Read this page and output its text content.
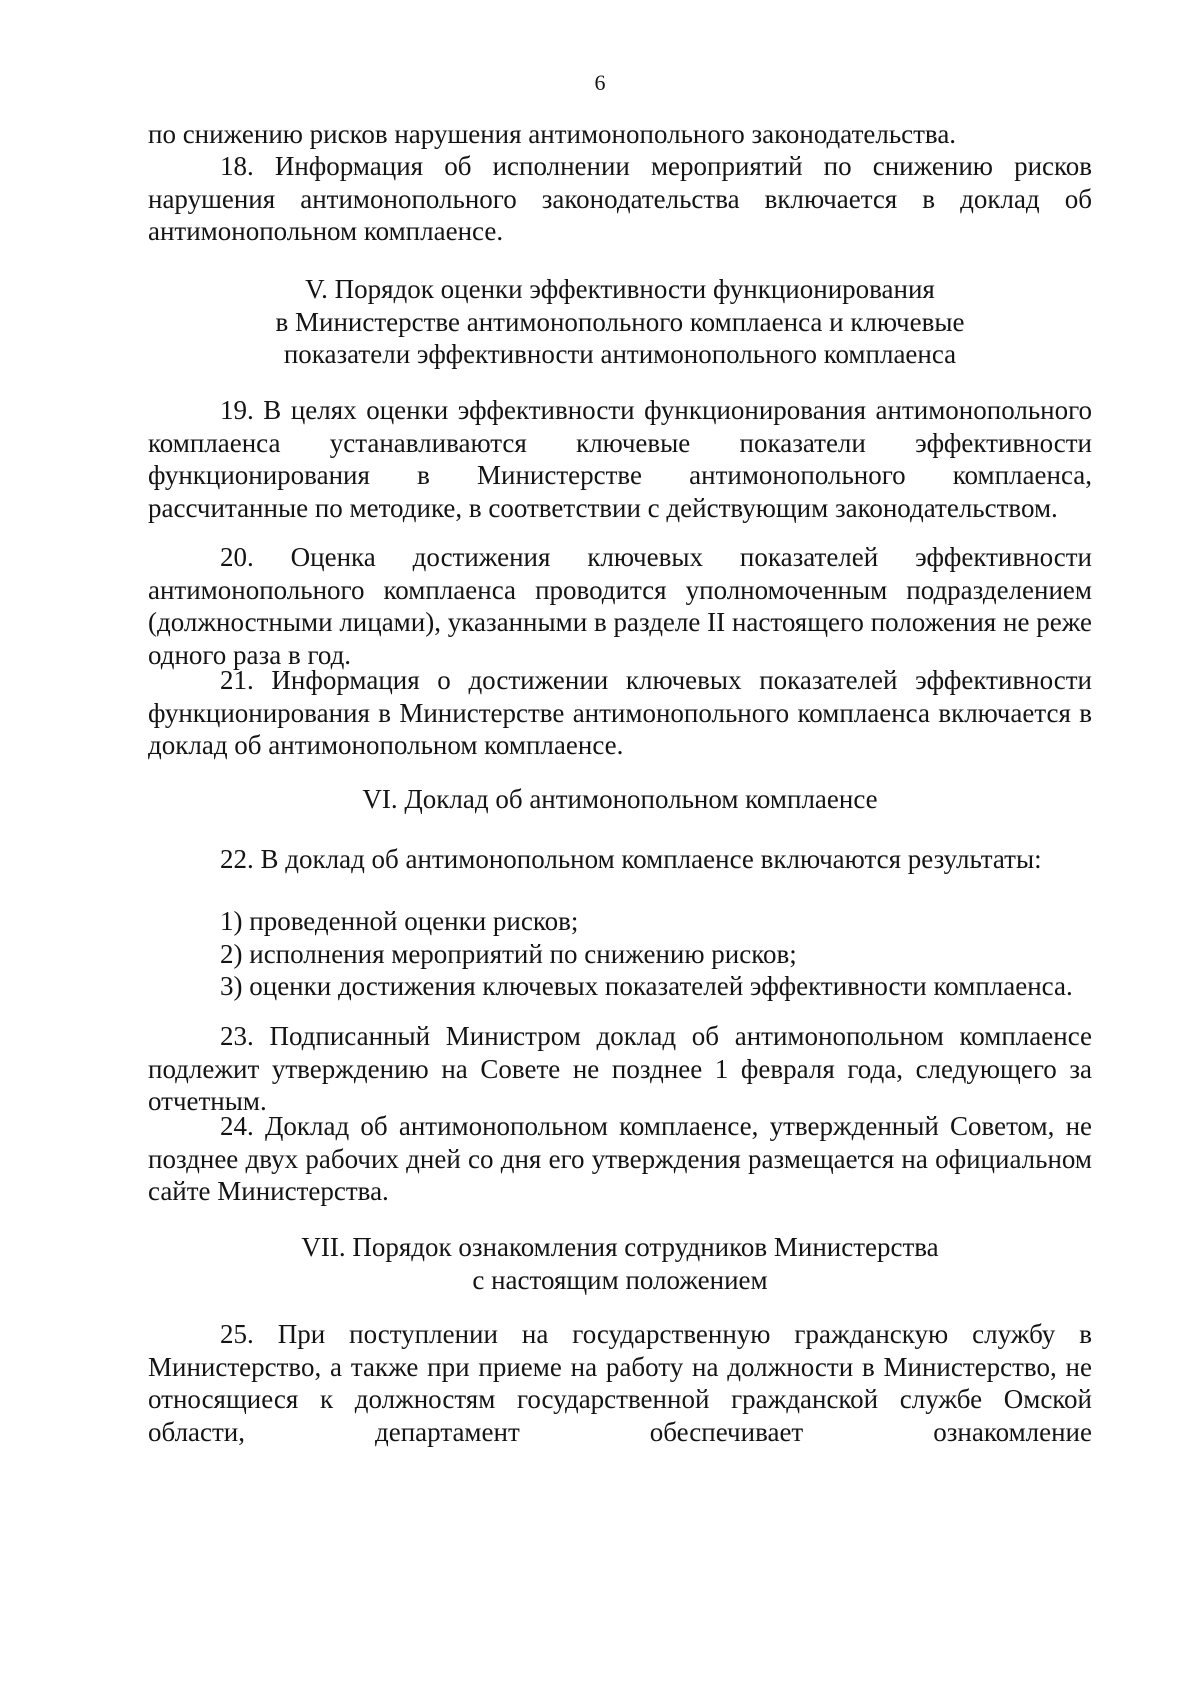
6

по снижению рисков нарушения антимонопольного законодательства.

18. Информация об исполнении мероприятий по снижению рисков нарушения антимонопольного законодательства включается в доклад об антимонопольном комплаенсе.

V. Порядок оценки эффективности функционирования
в Министерстве антимонопольного комплаенса и ключевые
показатели эффективности антимонопольного комплаенса

19. В целях оценки эффективности функционирования антимонопольного комплаенса устанавливаются ключевые показатели эффективности функционирования в Министерстве антимонопольного комплаенса, рассчитанные по методике, в соответствии с действующим законодательством.

20. Оценка достижения ключевых показателей эффективности антимонопольного комплаенса проводится уполномоченным подразделением (должностными лицами), указанными в разделе II настоящего положения не реже одного раза в год.

21. Информация о достижении ключевых показателей эффективности функционирования в Министерстве антимонопольного комплаенса включается в доклад об антимонопольном комплаенсе.

VI. Доклад об антимонопольном комплаенсе

22. В доклад об антимонопольном комплаенсе включаются результаты:

1) проведенной оценки рисков;

2) исполнения мероприятий по снижению рисков;

3) оценки достижения ключевых показателей эффективности комплаенса.

23. Подписанный Министром доклад об антимонопольном комплаенсе подлежит утверждению на Совете не позднее 1 февраля года, следующего за отчетным.

24. Доклад об антимонопольном комплаенсе, утвержденный Советом, не позднее двух рабочих дней со дня его утверждения размещается на официальном сайте Министерства.

VII. Порядок ознакомления сотрудников Министерства
с настоящим положением

25. При поступлении на государственную гражданскую службу в Министерство, а также при приеме на работу на должности в Министерство, не относящиеся к должностям государственной гражданской службе Омской области, департамент обеспечивает ознакомление
